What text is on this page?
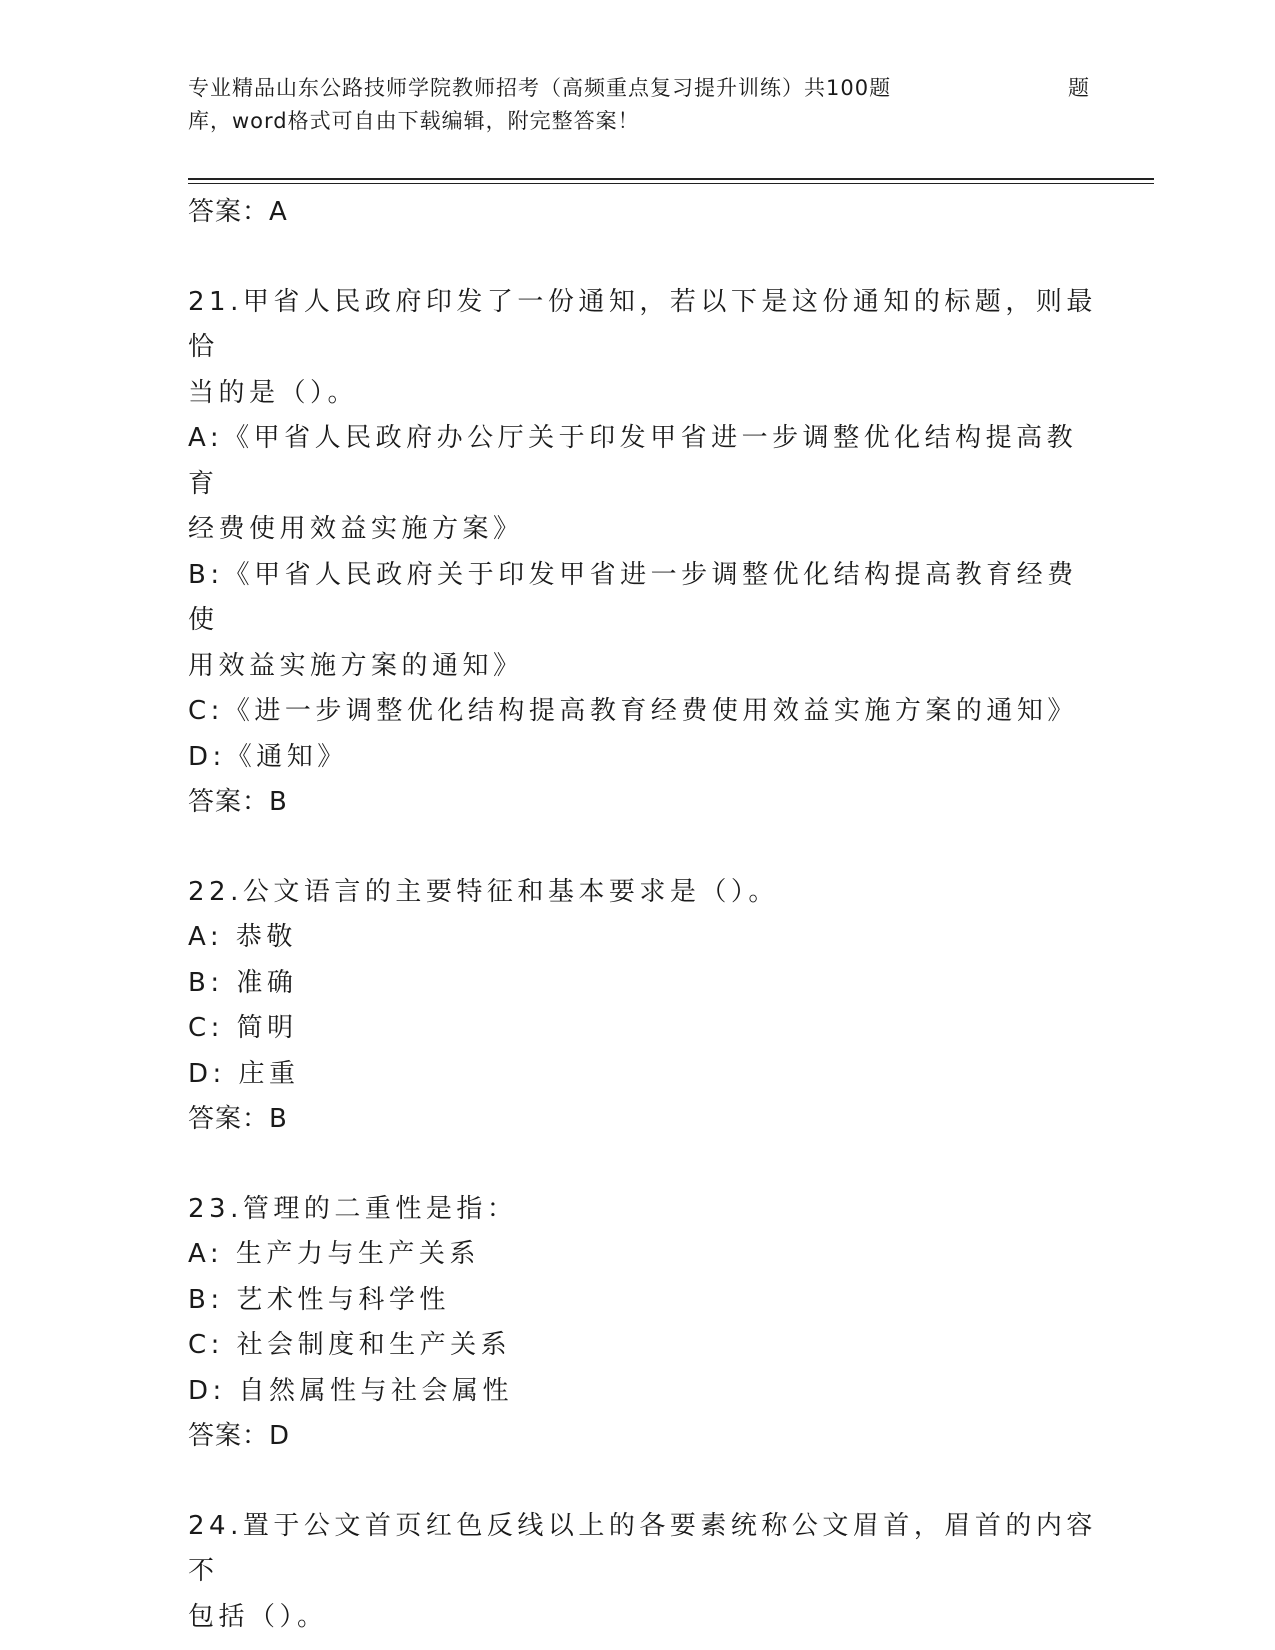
专业精品山东公路技师学院教师招考（高频重点复习提升训练）共100题	题
库，word格式可自由下载编辑，附完整答案！
答案：A
21.甲省人民政府印发了一份通知，若以下是这份通知的标题，则最恰
当的是（）。
A:《甲省人民政府办公厅关于印发甲省进一步调整优化结构提高教育
经费使用效益实施方案》
B:《甲省人民政府关于印发甲省进一步调整优化结构提高教育经费使
用效益实施方案的通知》
C:《进一步调整优化结构提高教育经费使用效益实施方案的通知》
D:《通知》
答案：B
22.公文语言的主要特征和基本要求是（）。
A: 恭敬
B: 准确
C: 简明
D: 庄重
答案：B
23.管理的二重性是指：
A: 生产力与生产关系
B: 艺术性与科学性
C: 社会制度和生产关系
D: 自然属性与社会属性
答案：D
24.置于公文首页红色反线以上的各要素统称公文眉首，眉首的内容不
包括（）。
